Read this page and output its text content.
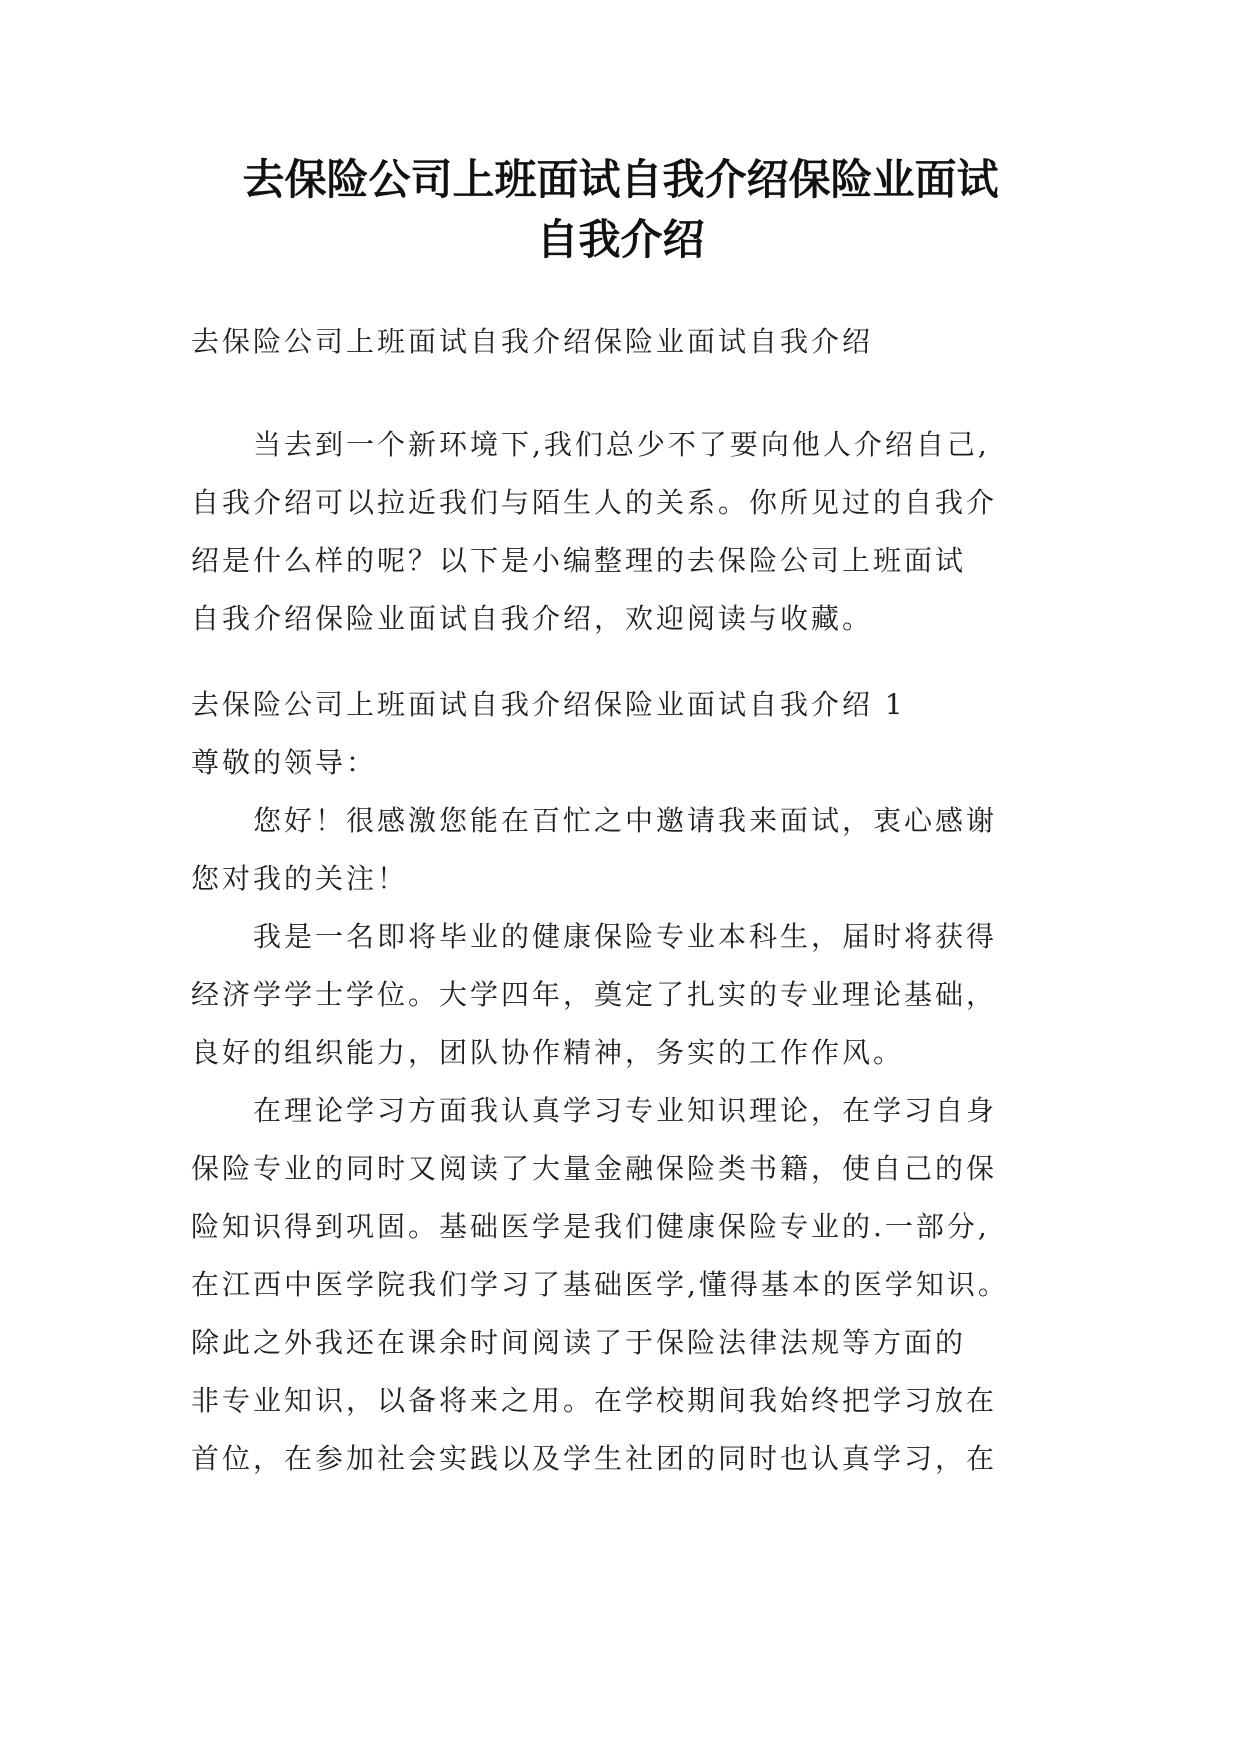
去保险公司上班面试自我介绍保险业面试
自我介绍
去保险公司上班面试自我介绍保险业面试自我介绍
当去到一个新环境下,我们总少不了要向他人介绍自己,
自我介绍可以拉近我们与陌生人的关系。你所见过的自我介
绍是什么样的呢？以下是小编整理的去保险公司上班面试
自我介绍保险业面试自我介绍，欢迎阅读与收藏。
去保险公司上班面试自我介绍保险业面试自我介绍 1
尊敬的领导：
您好！很感激您能在百忙之中邀请我来面试，衷心感谢
您对我的关注！
我是一名即将毕业的健康保险专业本科生，届时将获得
经济学学士学位。大学四年，奠定了扎实的专业理论基础，
良好的组织能力，团队协作精神，务实的工作作风。
在理论学习方面我认真学习专业知识理论，在学习自身
保险专业的同时又阅读了大量金融保险类书籍，使自己的保
险知识得到巩固。基础医学是我们健康保险专业的.一部分,
在江西中医学院我们学习了基础医学,懂得基本的医学知识。
除此之外我还在课余时间阅读了于保险法律法规等方面的
非专业知识，以备将来之用。在学校期间我始终把学习放在
首位，在参加社会实践以及学生社团的同时也认真学习，在
